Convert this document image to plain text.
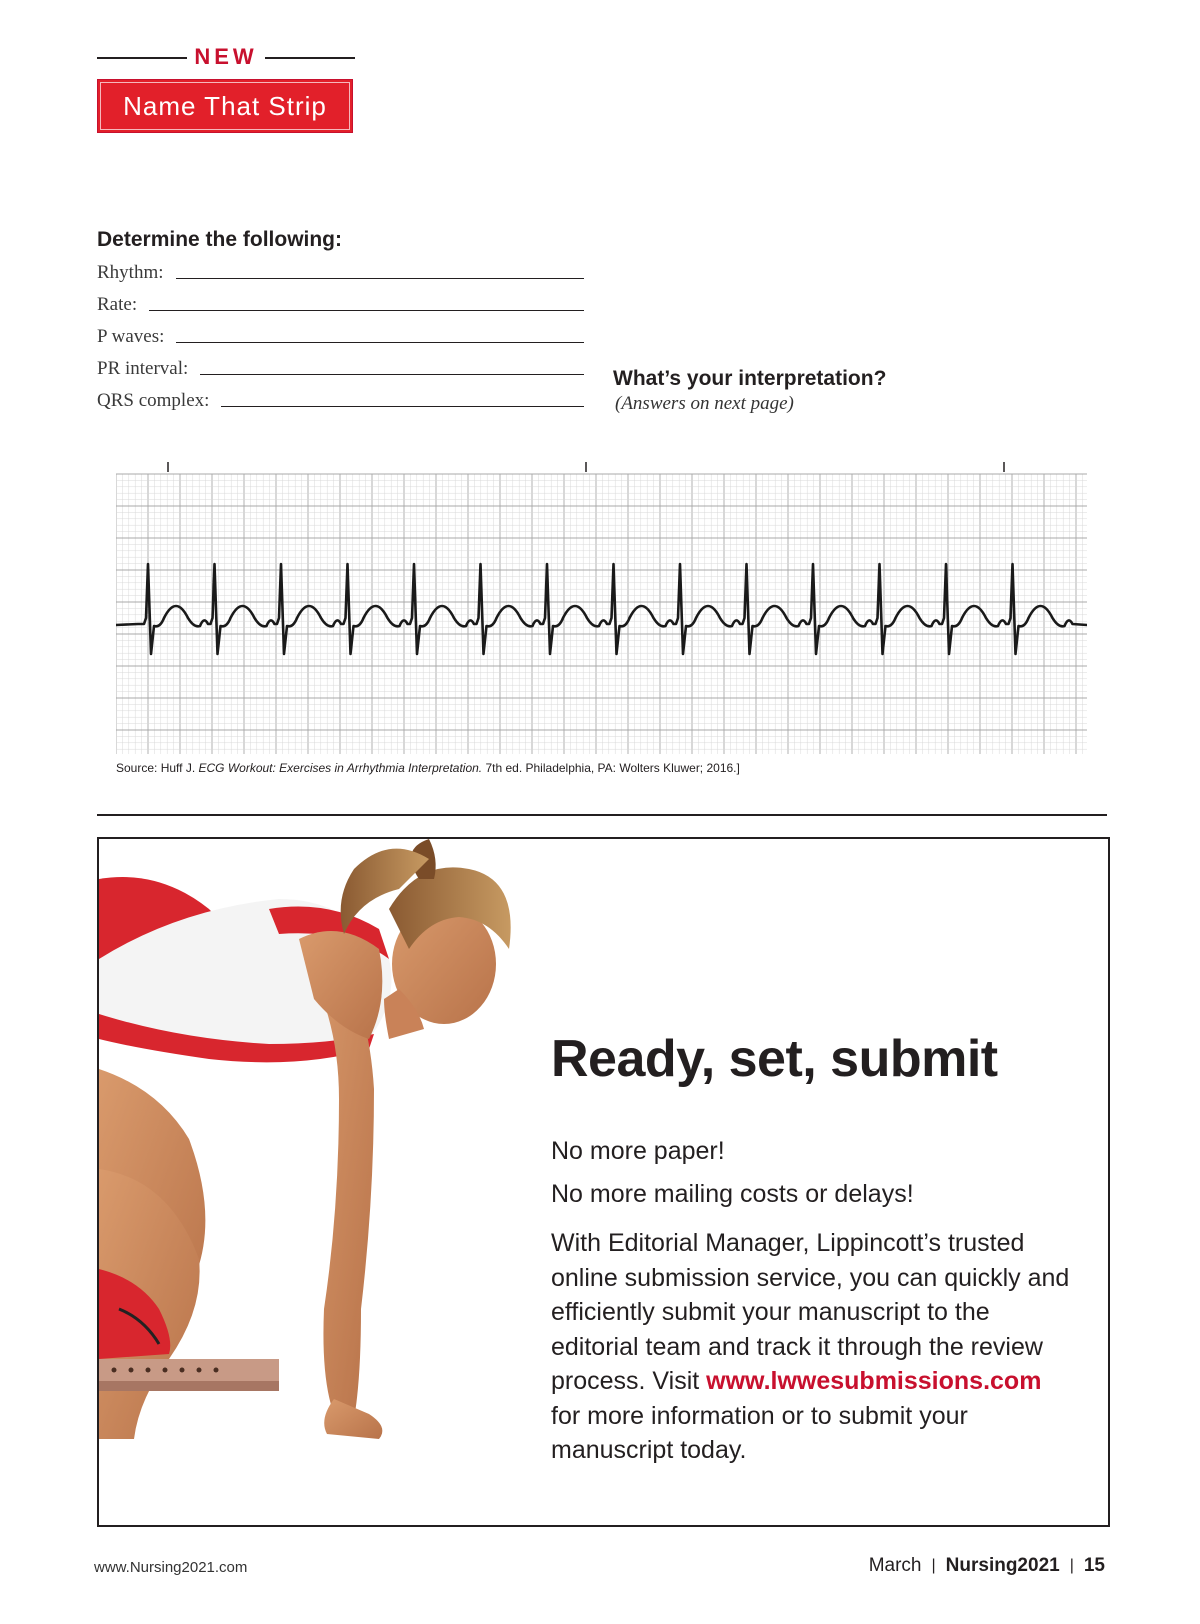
NEW
Name That Strip
Determine the following:
Rhythm:
Rate:
P waves:
PR interval:
QRS complex:
What’s your interpretation?
(Answers on next page)
Source: Huff J. ECG Workout: Exercises in Arrhythmia Interpretation. 7th ed. Philadelphia, PA: Wolters Kluwer; 2016.]
Ready, set, submit
No more paper!
No more mailing costs or delays!
With Editorial Manager, Lippincott’s trusted online submission service, you can quickly and efficiently submit your manuscript to the editorial team and track it through the review process. Visit www.lwwesubmissions.com for more information or to submit your manuscript today.
www.Nursing2021.com	March | Nursing2021 | 15
